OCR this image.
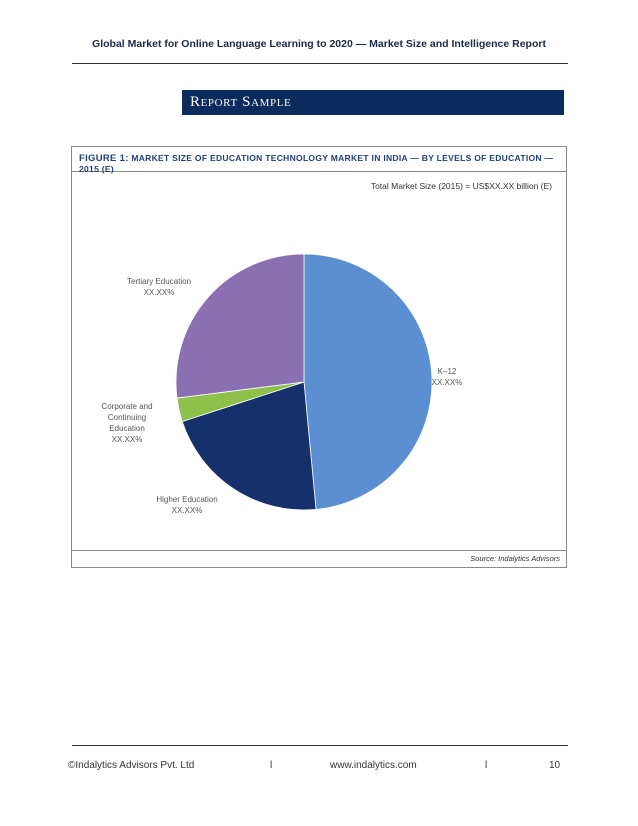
Global Market for Online Language Learning to 2020 — Market Size and Intelligence Report
Report Sample
FIGURE 1: MARKET SIZE OF EDUCATION TECHNOLOGY MARKET IN INDIA — BY LEVELS OF EDUCATION — 2015 (E)
Total Market Size (2015) = US$XX.XX billion (E)
K–12 XX.XX%
Higher Education XX.XX%
Corporate and Continuing Education XX.XX%
Tertiary Education XX.XX%
Source: Indalytics Advisors
©Indalytics Advisors Pvt. Ltd	l	www.indalytics.com	l	10
